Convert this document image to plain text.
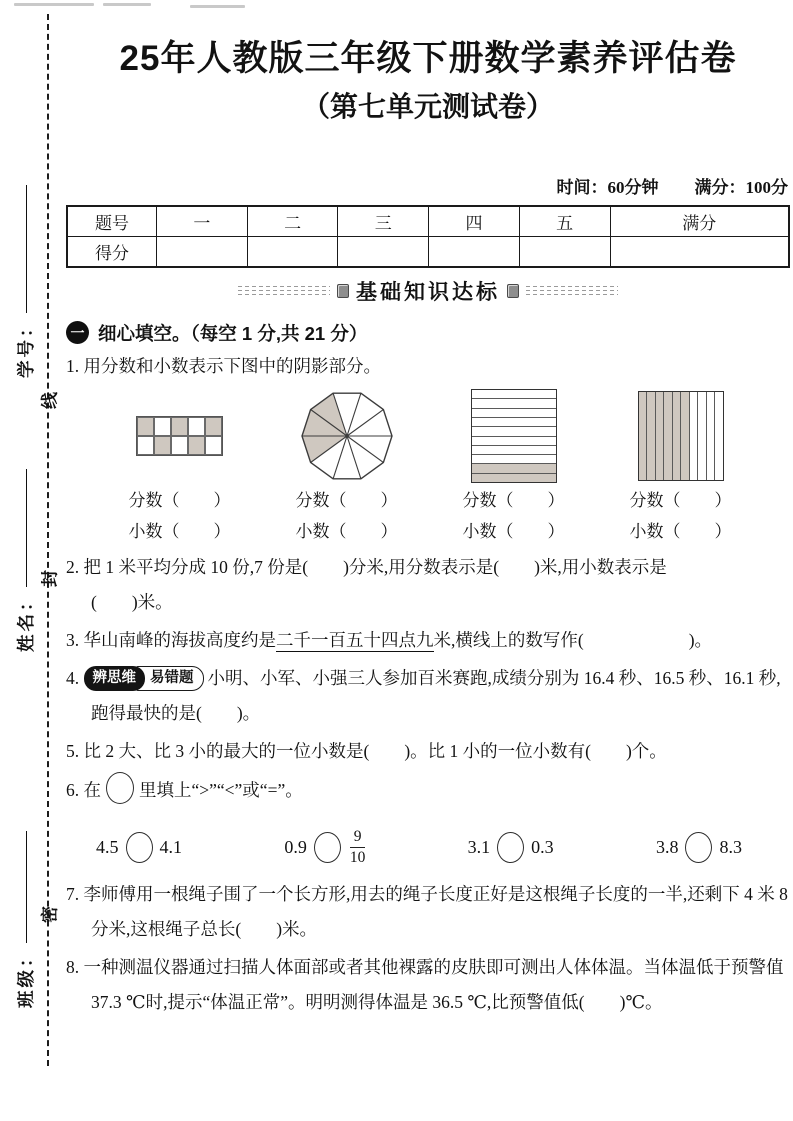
学号：
姓名：
班级：
线
封
密
25年人教版三年级下册数学素养评估卷
（第七单元测试卷）
时间：60分钟 满分：100分
题号	一	二	三	四	五	满分
得分						
基础知识达标
一 细心填空。（每空 1 分,共 21 分）

1. 用分数和小数表示下图中的阴影部分。

分数（　　）
小数（　　）
分数（　　）
小数（　　）
分数（　　）
小数（　　）
分数（　　）
小数（　　）

2. 把 1 米平均分成 10 份,7 份是(　　)分米,用分数表示是(　　)米,用小数表示是
(　　)米。

3. 华山南峰的海拔高度约是二千一百五十四点九米,横线上的数写作(　　　　　　)。

4. 辨思维 易错题 小明、小军、小强三人参加百米赛跑,成绩分别为 16.4 秒、16.5 秒、16.1 秒,跑得最快的是(　　)。

5. 比 2 大、比 3 小的最大的一位小数是(　　)。比 1 小的一位小数有(　　)个。

6. 在 里填上“>”“<”或“=”。

4.5 4.1	0.9	$\frac{9}{10}$	3.1 0.3	3.8 8.3

7. 李师傅用一根绳子围了一个长方形,用去的绳子长度正好是这根绳子长度的一半,还剩下 4 米 8 分米,这根绳子总长(　　)米。

8. 一种测温仪器通过扫描人体面部或者其他裸露的皮肤即可测出人体体温。当体温低于预警值 37.3 ℃时,提示“体温正常”。明明测得体温是 36.5 ℃,比预警值低(　　)℃。
